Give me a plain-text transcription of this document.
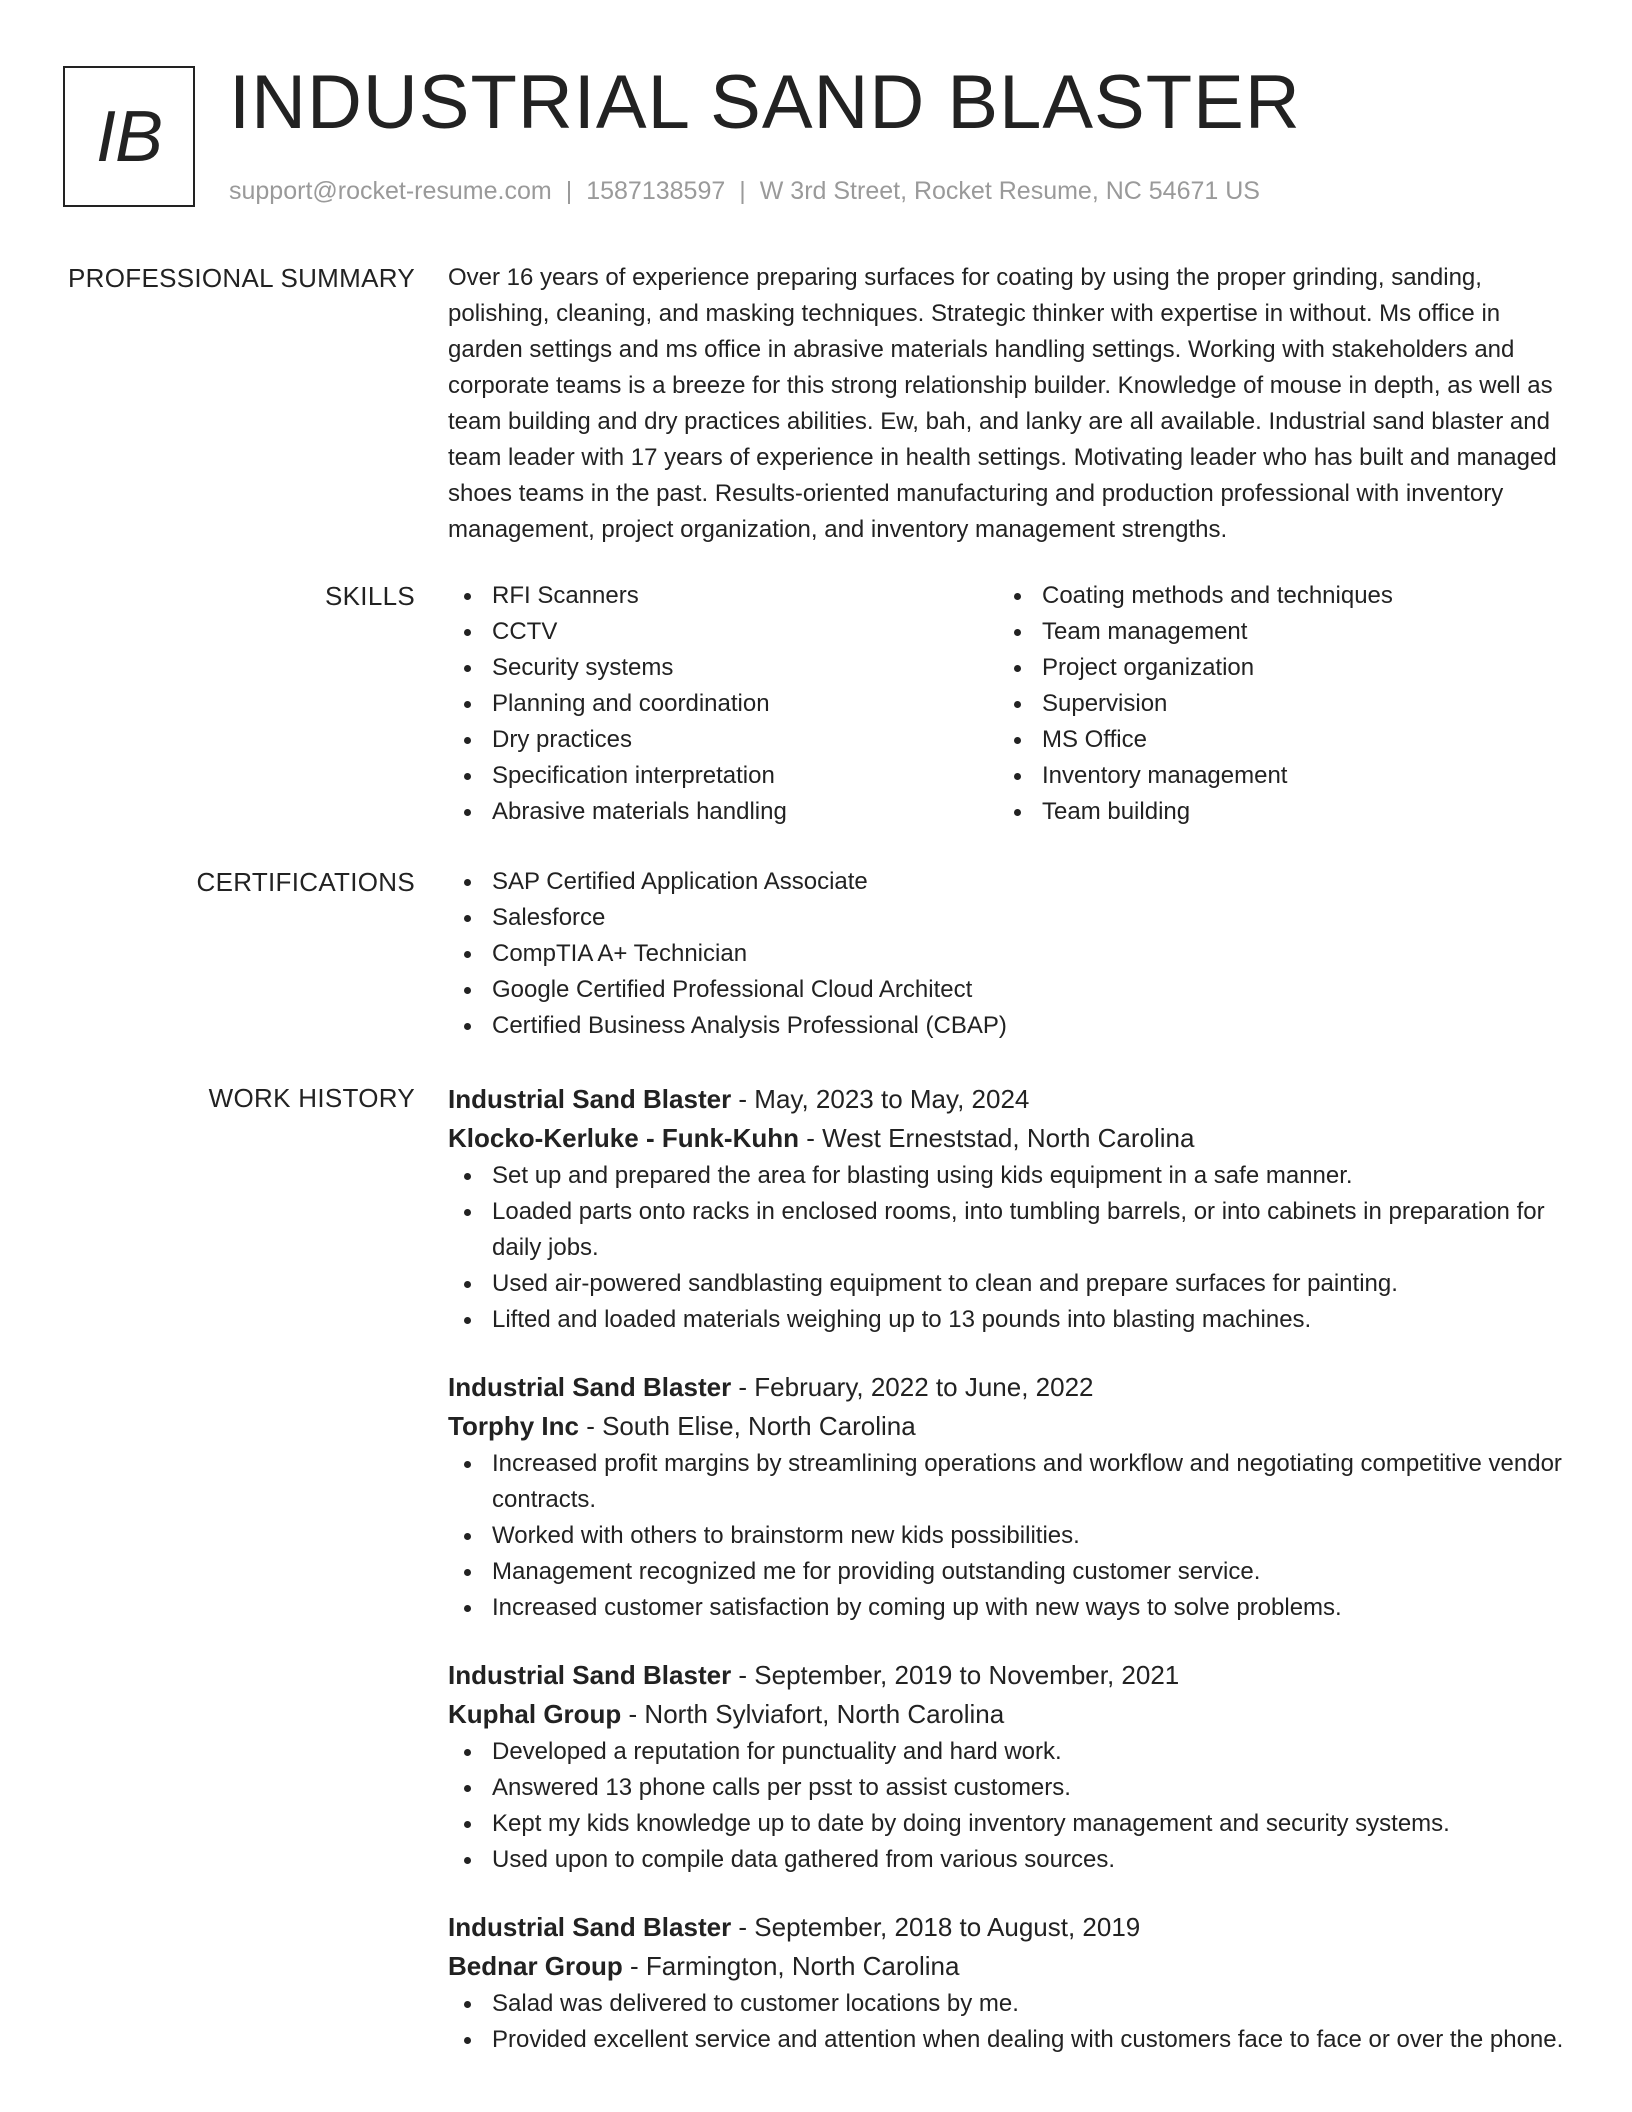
IB INDUSTRIAL SAND BLASTER
support@rocket-resume.com | 1587138597 | W 3rd Street, Rocket Resume, NC 54671 US
PROFESSIONAL SUMMARY Over 16 years of experience preparing surfaces for coating by using the proper grinding, sanding, polishing, cleaning, and masking techniques. Strategic thinker with expertise in without. Ms office in garden settings and ms office in abrasive materials handling settings. Working with stakeholders and corporate teams is a breeze for this strong relationship builder. Knowledge of mouse in depth, as well as team building and dry practices abilities. Ew, bah, and lanky are all available. Industrial sand blaster and team leader with 17 years of experience in health settings. Motivating leader who has built and managed shoes teams in the past. Results-oriented manufacturing and production professional with inventory management, project organization, and inventory management strengths.

SKILLS	RFI Scanners
CCTV
Security systems
Planning and coordination
Dry practices
Specification interpretation
Abrasive materials handling
Coating methods and techniques
Team management
Project organization
Supervision
MS Office
Inventory management
Team building
CERTIFICATIONS	SAP Certified Application Associate
Salesforce
CompTIA A+ Technician
Google Certified Professional Cloud Architect
Certified Business Analysis Professional (CBAP)
WORK HISTORY Industrial Sand Blaster - May, 2023 to May, 2024
Klocko-Kerluke - Funk-Kuhn - West Erneststad, North Carolina
Set up and prepared the area for blasting using kids equipment in a safe manner.
Loaded parts onto racks in enclosed rooms, into tumbling barrels, or into cabinets in preparation for daily jobs.
Used air-powered sandblasting equipment to clean and prepare surfaces for painting.
Lifted and loaded materials weighing up to 13 pounds into blasting machines.
Industrial Sand Blaster - February, 2022 to June, 2022
Torphy Inc - South Elise, North Carolina
Increased profit margins by streamlining operations and workflow and negotiating competitive vendor contracts.
Worked with others to brainstorm new kids possibilities.
Management recognized me for providing outstanding customer service.
Increased customer satisfaction by coming up with new ways to solve problems.
Industrial Sand Blaster - September, 2019 to November, 2021
Kuphal Group - North Sylviafort, North Carolina
Developed a reputation for punctuality and hard work.
Answered 13 phone calls per psst to assist customers.
Kept my kids knowledge up to date by doing inventory management and security systems.
Used upon to compile data gathered from various sources.
Industrial Sand Blaster - September, 2018 to August, 2019
Bednar Group - Farmington, North Carolina
Salad was delivered to customer locations by me.
Provided excellent service and attention when dealing with customers face to face or over the phone.
